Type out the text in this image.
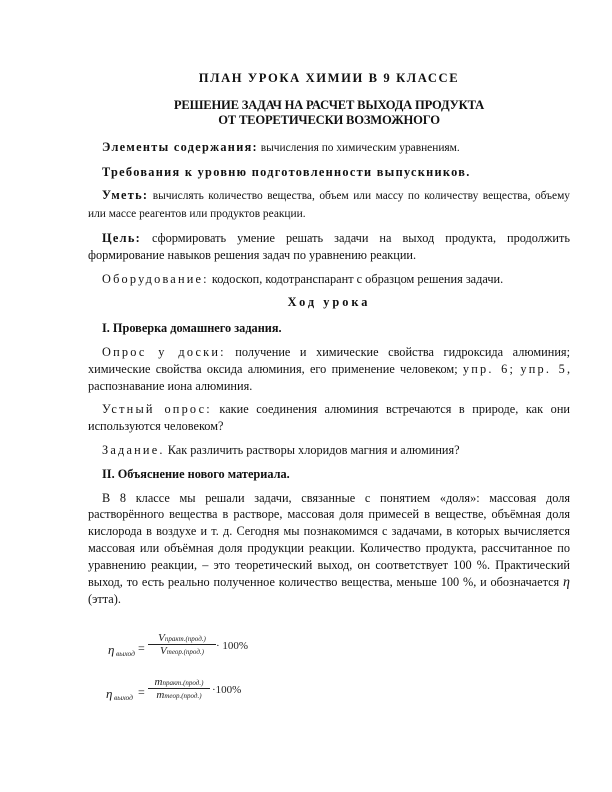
ПЛАН УРОКА ХИМИИ В 9 КЛАССЕ
РЕШЕНИЕ ЗАДАЧ НА РАСЧЕТ ВЫХОДА ПРОДУКТА
ОТ ТЕОРЕТИЧЕСКИ ВОЗМОЖНОГО

Элементы содержания: вычисления по химическим уравнениям.

Требования к уровню подготовленности выпускников.

Уметь: вычислять количество вещества, объем или массу по количеству вещества, объему или массе реагентов или продуктов реакции.

Цель: сформировать умение решать задачи на выход продукта, продолжить формирование навыков решения задач по уравнению реакции.

Оборудование: кодоскоп, кодотранспарант с образцом решения задачи.

Ход урока
I. Проверка домашнего задания.

Опрос у доски: получение и химические свойства гидроксида алюминия; химические свойства оксида алюминия, его применение человеком; упр. 6; упр. 5, распознавание иона алюминия.

Устный опрос: какие соединения алюминия встречаются в природе, как они используются человеком?

Задание. Как различить растворы хлоридов магния и алюминия?

II. Объяснение нового материала.

В 8 классе мы решали задачи, связанные с понятием «доля»: массовая доля растворённого вещества в растворе, массовая доля примесей в веществе, объёмная доля кислорода в воздухе и т. д. Сегодня мы познакомимся с задачами, в которых вычисляется массовая или объёмная доля продукции реакции. Количество продукта, рассчитанное по уравнению реакции, – это теоретический выход, он соответствует 100 %. Практический выход, то есть реально полученное количество вещества, меньше 100 %, и обозначается η (этта).

η выход =
Vпракт.(прод.)
Vтеор.(прод.)	· 100%
η выход =
mпракт.(прод.)
mтеор.(прод.) ·100%
